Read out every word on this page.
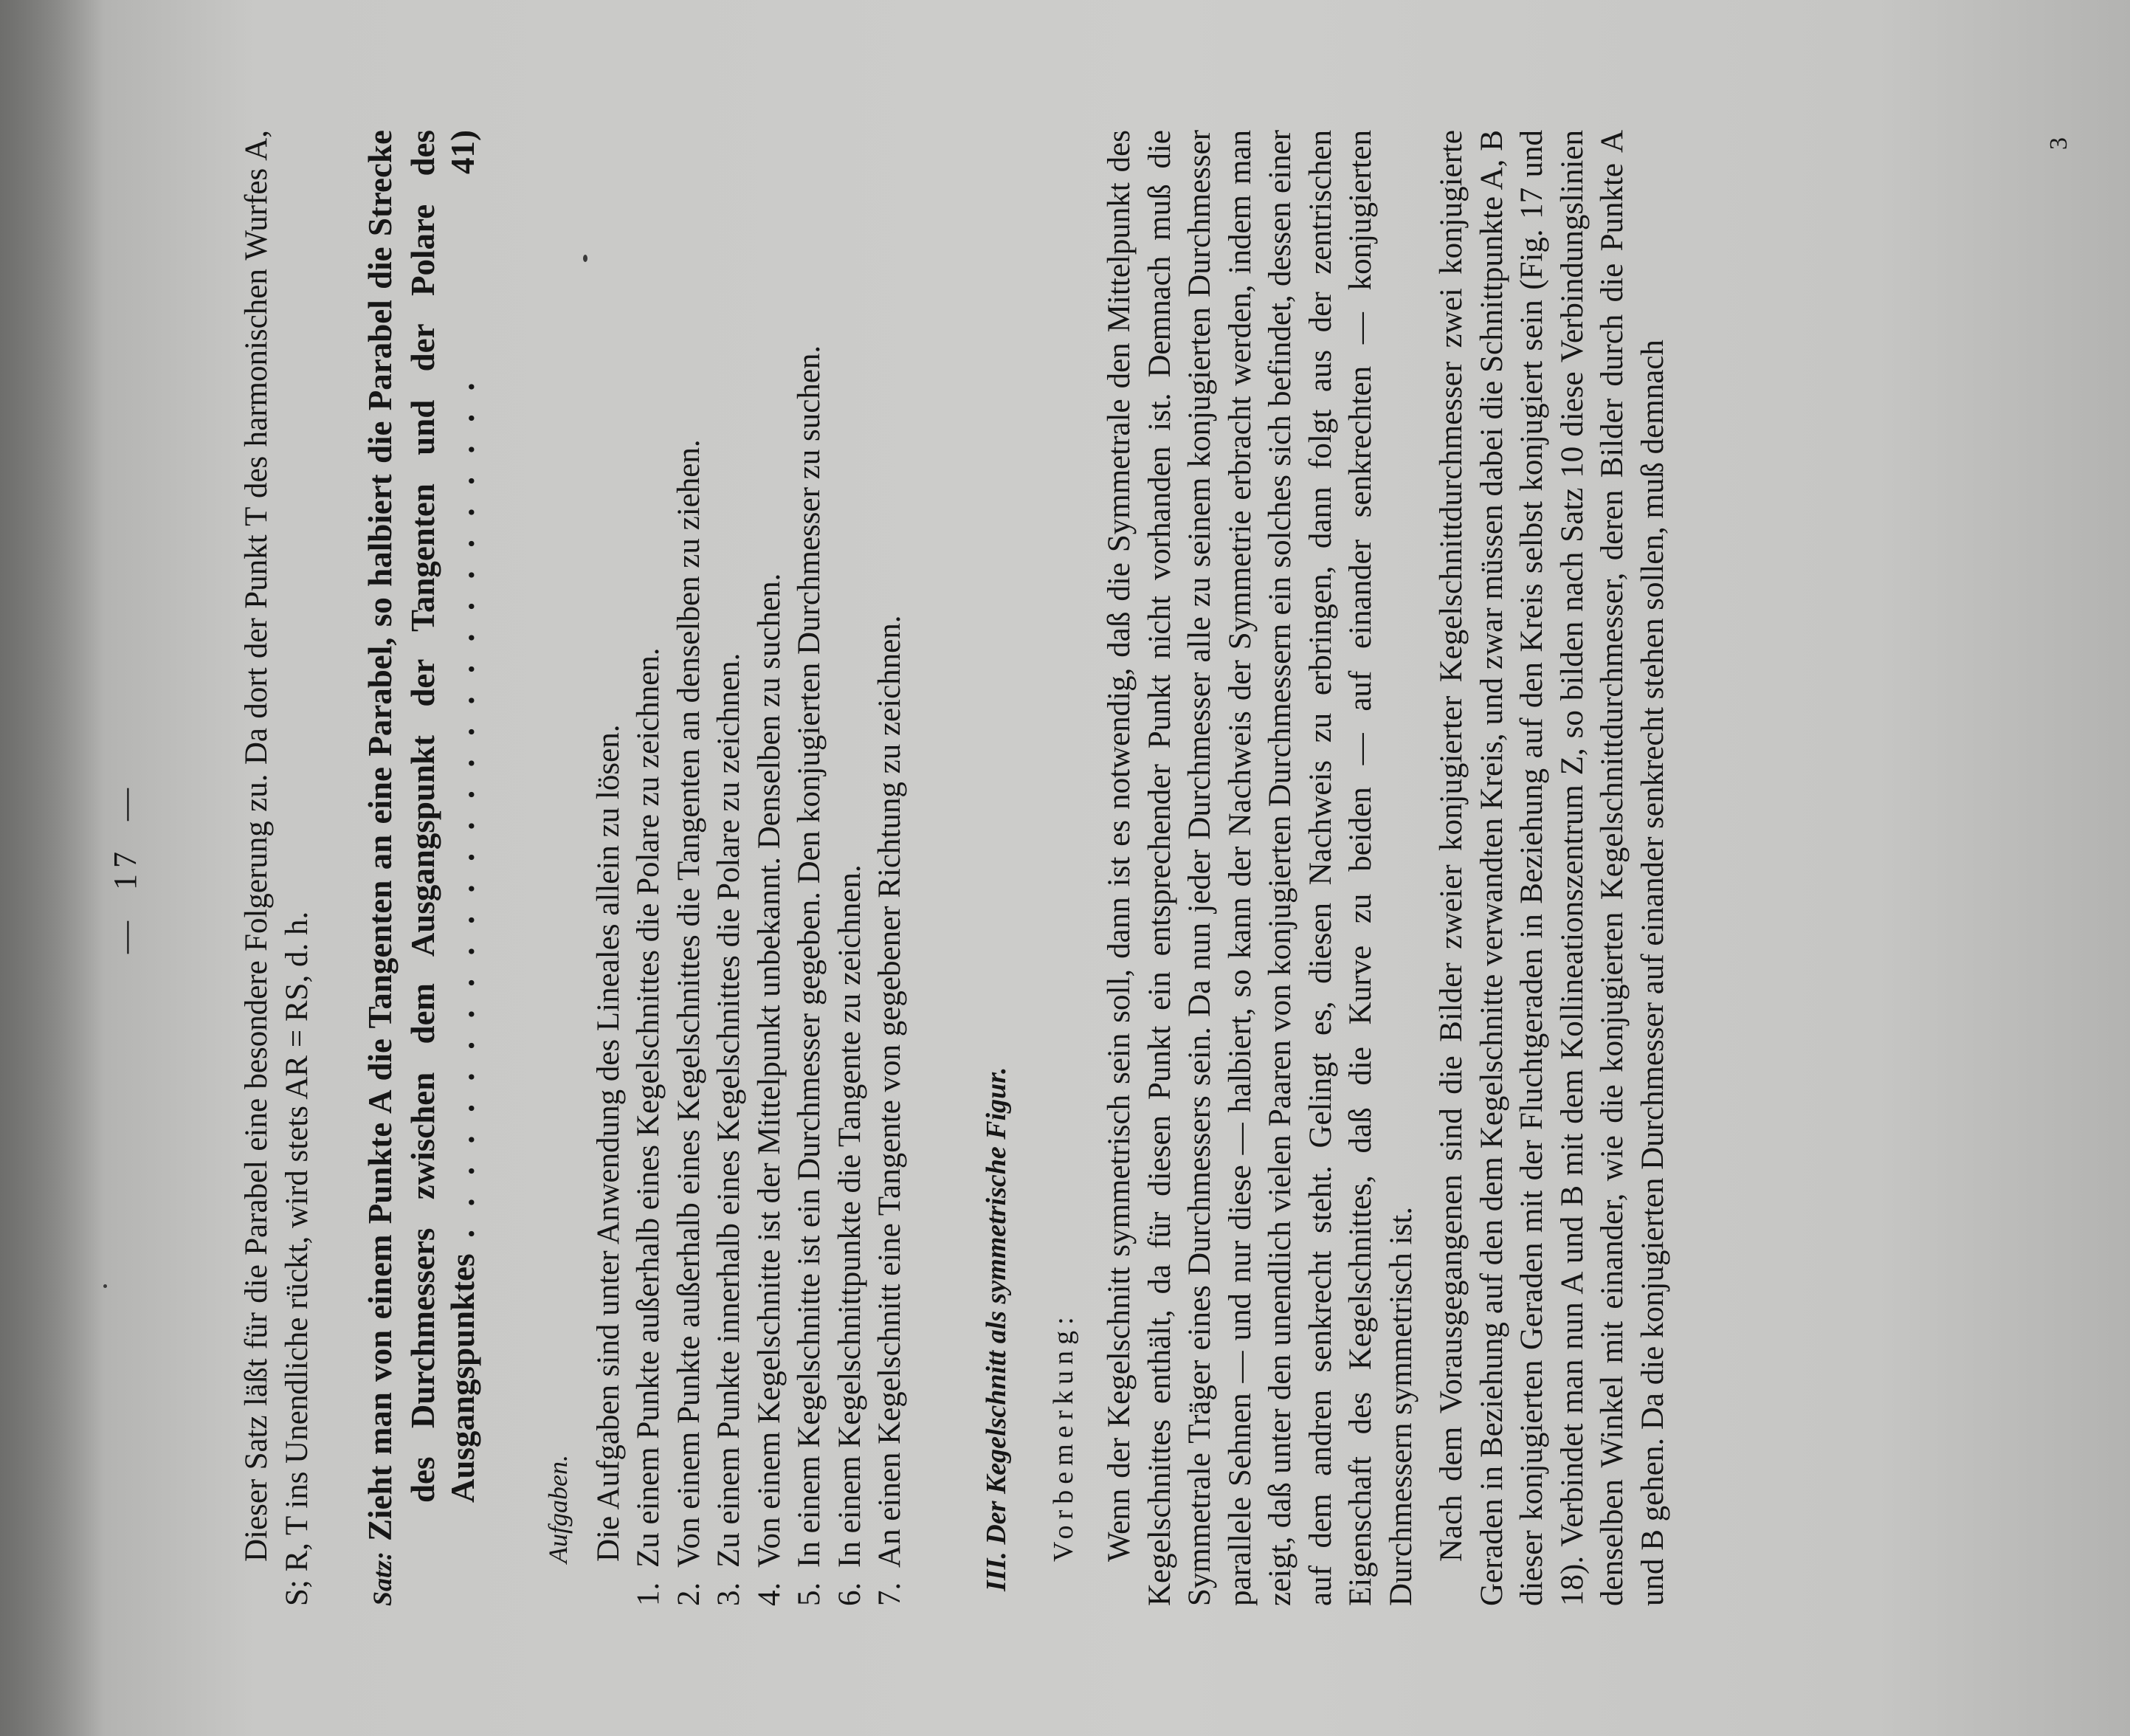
—17—	Dieser Satz läßt für die Parabel eine besondere Folgerung zu. Da dort der Punkt T des harmonischen Wurfes A, S; R, T ins Unendliche rückt, wird stets AR = RS, d. h. Satz:Zieht man von einem Punkte A die Tangenten an eine Parabel, so halbiert die Parabel die Strecke des Durchmessers zwischen dem Ausgangspunkt der Tangenten und der Polare des Ausgangspunktes . . . . . . . . . . . . . . . . . . . . . . . . . . . .
41)

Aufgaben. Die Aufgaben sind unter Anwendung des Lineales allein zu lösen.

1.
Zu einem Punkte außerhalb eines Kegelschnittes die Polare zu zeichnen.
2.
Von einem Punkte außerhalb eines Kegelschnittes die Tangenten an denselben zu ziehen.
3.
Zu einem Punkte innerhalb eines Kegelschnittes die Polare zu zeichnen.
4.
Von einem Kegelschnitte ist der Mittelpunkt unbekannt. Denselben zu suchen.
5.
In einem Kegelschnitte ist ein Durchmesser gegeben. Den konjugierten Durchmesser zu suchen.
6.
In einem Kegelschnittpunkte die Tangente zu zeichnen.
7.
An einen Kegelschnitt eine Tangente von gegebener Richtung zu zeichnen.	III. Der Kegelschnitt als symmetrische Figur. Vorbemerkung: Wenn der Kegelschnitt symmetrisch sein soll, dann ist es notwendig, daß die Symmetrale den Mittelpunkt des Kegelschnittes enthält, da für diesen Punkt ein entsprechender Punkt nicht vorhanden ist. Demnach muß die Symmetrale Träger eines Durchmessers sein. Da nun jeder Durchmesser alle zu seinem konjugierten Durchmesser parallele Sehnen — und nur diese — halbiert, so kann der Nachweis der Symmetrie erbracht werden, indem man zeigt, daß unter den unendlich vielen Paaren von konjugierten Durchmessern ein solches sich befindet, dessen einer auf dem andren senkrecht steht. Gelingt es, diesen Nachweis zu erbringen, dann folgt aus der zentrischen Eigenschaft des Kegelschnittes, daß die Kurve zu beiden — auf einander senkrechten — konjugierten Durchmessern symmetrisch ist. Nach dem Vorausgegangenen sind die Bilder zweier konjugierter Kegelschnittdurchmesser zwei konjugierte Geraden in Beziehung auf den dem Kegelschnitte verwandten Kreis, und zwar müssen dabei die Schnittpunkte A, B dieser konjugierten Geraden mit der Fluchtgeraden in Beziehung auf den Kreis selbst konjugiert sein (Fig. 17 und 18). Verbindet man nun A und B mit dem Kollineationszentrum Z, so bilden nach Satz 10 diese Verbindungslinien denselben Winkel mit einander, wie die konjugierten Kegelschnittdurchmesser, deren Bilder durch die Punkte A und B gehen. Da die konjugierten Durchmesser auf einander senkrecht stehen sollen, muß demnach

3
